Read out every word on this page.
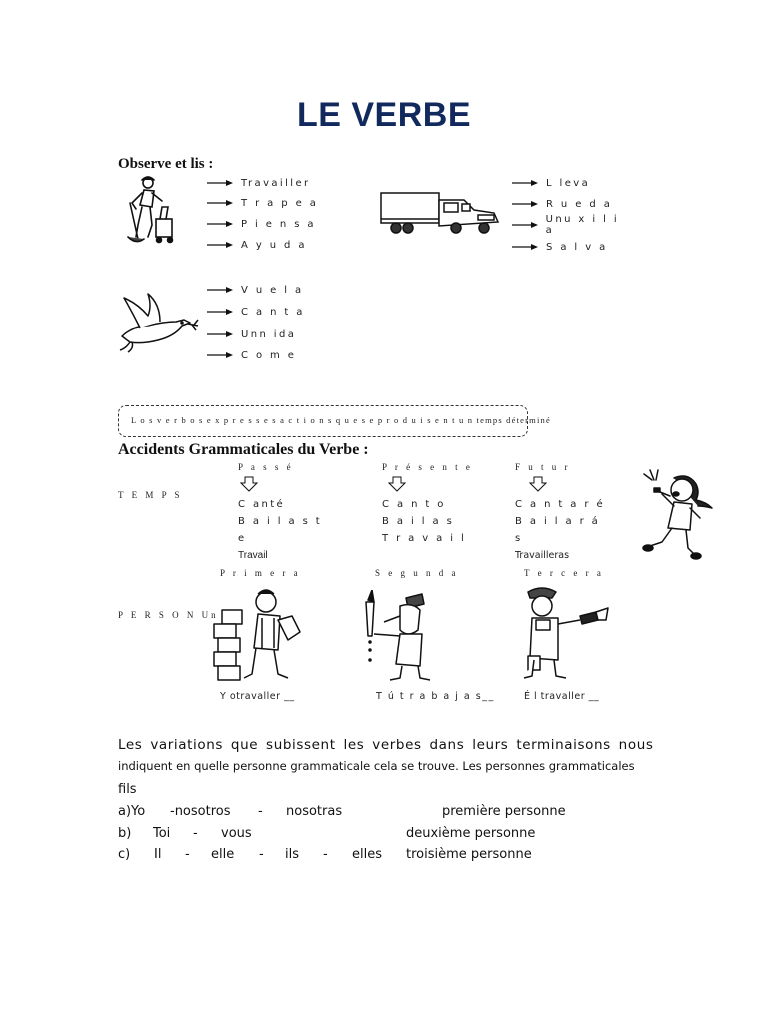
LE VERBE
Observe et lis :
Travailler
T r a p e a
P i e n s a
A y u d a
L leva
R u e d a
Unu x i l i a
S a l v a
V u e l a
C a n t a
Unn ida
C o m e
L o s v e r b o s e x p r e s s e s a c t i o n s q u e s e p r o d u i s e n t u n temps déterminé
Accidents Grammaticales du Verbe :
T E M P S
P a s s é
C anté
B a i l a s t e
Travail
P r é s e n t e
C a n t o
B a i l a s
T r a v a i l
F u t u r
C a n t a r é
B a i l a r á s
Travailleras
P E R S O N Un
P r i m e r a
Y otravaller __
S e g u n d a
T ú t r a b a j a s__
T e r c e r a
É l travaller __
Les variations que subissent les verbes dans leurs terminaisons nous
indiquent en quelle personne grammaticale cela se trouve. Les personnes grammaticales
fils
a)Yo -nosotros - nosotras	première personne
b) Toi - vous	deuxième personne
c) Il - elle - ils - elles troisième personne
